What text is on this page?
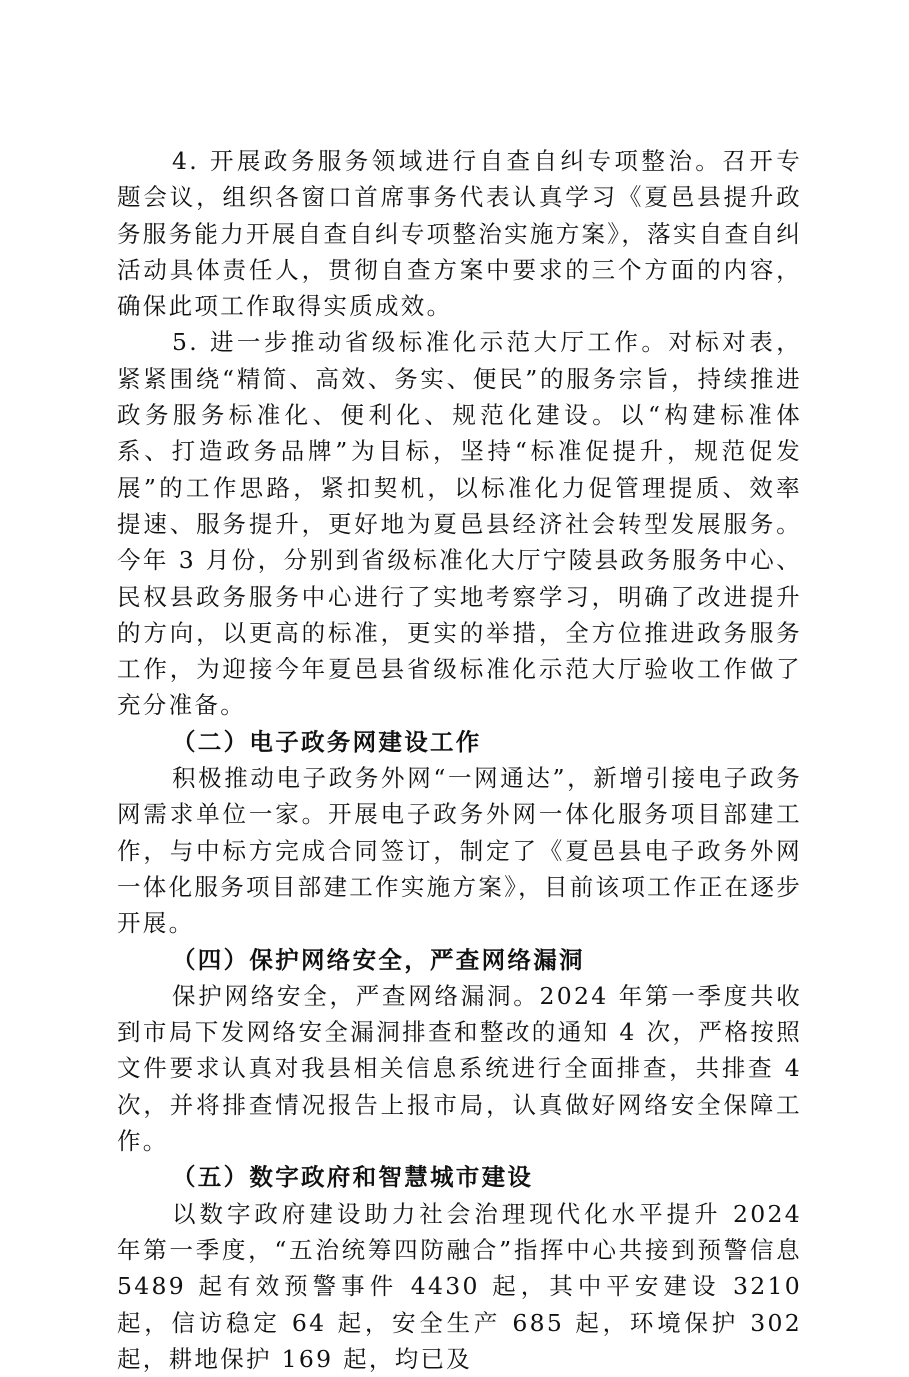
4. 开展政务服务领域进行自查自纠专项整治。召开专题会议，组织各窗口首席事务代表认真学习《夏邑县提升政务服务能力开展自查自纠专项整治实施方案》，落实自查自纠活动具体责任人，贯彻自查方案中要求的三个方面的内容，确保此项工作取得实质成效。

5. 进一步推动省级标准化示范大厅工作。对标对表，紧紧围绕“精简、高效、务实、便民”的服务宗旨，持续推进政务服务标准化、便利化、规范化建设。以“构建标准体系、打造政务品牌”为目标，坚持“标准促提升，规范促发展”的工作思路，紧扣契机，以标准化力促管理提质、效率提速、服务提升，更好地为夏邑县经济社会转型发展服务。今年 3 月份，分别到省级标准化大厅宁陵县政务服务中心、民权县政务服务中心进行了实地考察学习，明确了改进提升的方向，以更高的标准，更实的举措，全方位推进政务服务工作，为迎接今年夏邑县省级标准化示范大厅验收工作做了充分准备。

（二）电子政务网建设工作

积极推动电子政务外网“一网通达”，新增引接电子政务网需求单位一家。开展电子政务外网一体化服务项目部建工作，与中标方完成合同签订，制定了《夏邑县电子政务外网一体化服务项目部建工作实施方案》，目前该项工作正在逐步开展。

（四）保护网络安全，严查网络漏洞

保护网络安全，严查网络漏洞。2024 年第一季度共收到市局下发网络安全漏洞排查和整改的通知 4 次，严格按照文件要求认真对我县相关信息系统进行全面排查，共排查 4 次，并将排查情况报告上报市局，认真做好网络安全保障工作。

（五）数字政府和智慧城市建设

以数字政府建设助力社会治理现代化水平提升 2024 年第一季度，“五治统筹四防融合”指挥中心共接到预警信息 5489 起有效预警事件 4430 起，其中平安建设 3210 起，信访稳定 64 起，安全生产 685 起，环境保护 302 起，耕地保护 169 起，均已及
